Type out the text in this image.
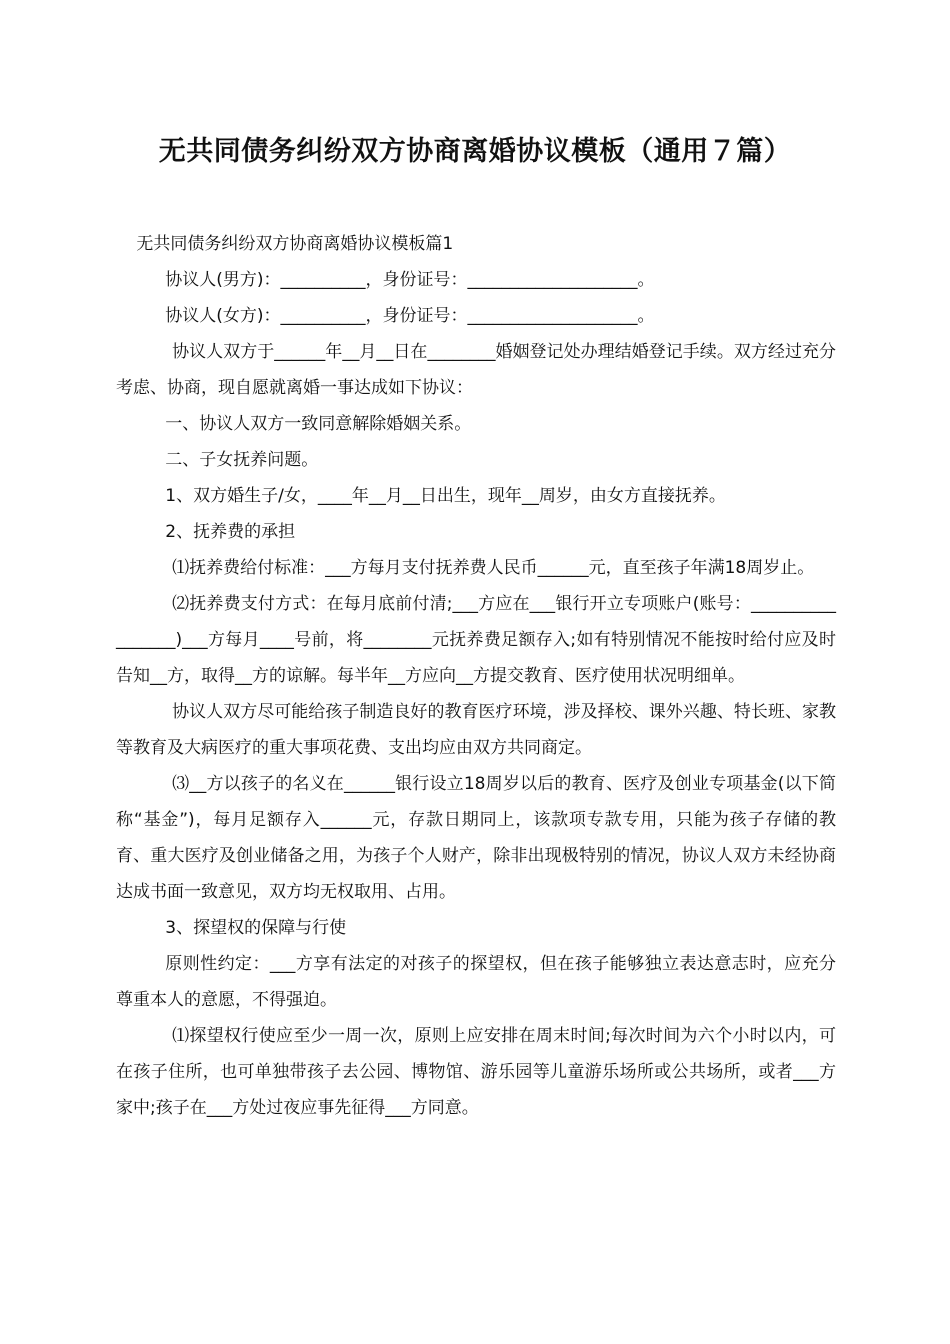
无共同债务纠纷双方协商离婚协议模板（通用７篇）

无共同债务纠纷双方协商离婚协议模板篇1

协议人(男方)：__________，身份证号：____________________。

协议人(女方)：__________，身份证号：____________________。

协议人双方于______年__月__日在________婚姻登记处办理结婚登记手续。双方经过充分考虑、协商，现自愿就离婚一事达成如下协议：

一、协议人双方一致同意解除婚姻关系。

二、子女抚养问题。

1、双方婚生子/女，____年__月__日出生，现年__周岁，由女方直接抚养。

2、抚养费的承担

⑴抚养费给付标准：___方每月支付抚养费人民币______元，直至孩子年满18周岁止。

⑵抚养费支付方式：在每月底前付清;___方应在___银行开立专项账户(账号：_________________)___方每月____号前，将________元抚养费足额存入;如有特别情况不能按时给付应及时告知__方，取得__方的谅解。每半年__方应向__方提交教育、医疗使用状况明细单。

协议人双方尽可能给孩子制造良好的教育医疗环境，涉及择校、课外兴趣、特长班、家教等教育及大病医疗的重大事项花费、支出均应由双方共同商定。

⑶__方以孩子的名义在______银行设立18周岁以后的教育、医疗及创业专项基金(以下简称“基金”)，每月足额存入______元，存款日期同上，该款项专款专用，只能为孩子存储的教育、重大医疗及创业储备之用，为孩子个人财产，除非出现极特别的情况，协议人双方未经协商达成书面一致意见，双方均无权取用、占用。

3、探望权的保障与行使

原则性约定：___方享有法定的对孩子的探望权，但在孩子能够独立表达意志时，应充分尊重本人的意愿，不得强迫。

⑴探望权行使应至少一周一次，原则上应安排在周末时间;每次时间为六个小时以内，可在孩子住所，也可单独带孩子去公园、博物馆、游乐园等儿童游乐场所或公共场所，或者___方家中;孩子在___方处过夜应事先征得___方同意。
